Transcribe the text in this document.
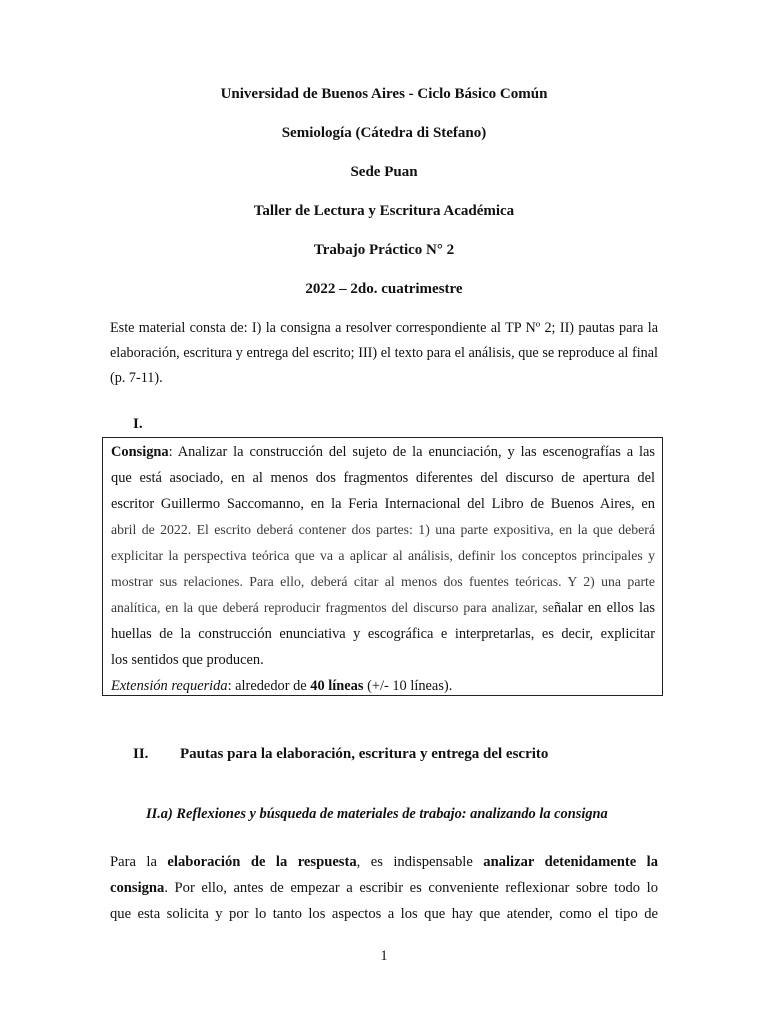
Universidad de Buenos Aires - Ciclo Básico Común
Semiología (Cátedra di Stefano)
Sede Puan
Taller de Lectura y Escritura Académica
Trabajo Práctico N° 2
2022 – 2do. cuatrimestre

Este material consta de: I) la consigna a resolver correspondiente al TP Nº 2; II) pautas para la elaboración, escritura y entrega del escrito; III) el texto para el análisis, que se reproduce al final (p. 7-11).

I.

Consigna: Analizar la construcción del sujeto de la enunciación, y las escenografías a las

que está asociado, en al menos dos fragmentos diferentes del discurso de apertura del

escritor Guillermo Saccomanno, en la Feria Internacional del Libro de Buenos Aires, en

abril de 2022. El escrito deberá contener dos partes: 1) una parte expositiva, en la que deberá

explicitar la perspectiva teórica que va a aplicar al análisis, definir los conceptos principales y

mostrar sus relaciones. Para ello, deberá citar al menos dos fuentes teóricas. Y 2) una parte

analítica, en la que deberá reproducir fragmentos del discurso para analizar, señalar en ellos las

huellas de la construcción enunciativa y escográfica e interpretarlas, es decir, explicitar

los sentidos que producen.

Extensión requerida: alrededor de 40 líneas (+/- 10 líneas).

II. Pautas para la elaboración, escritura y entrega del escrito
II.a) Reflexiones y búsqueda de materiales de trabajo: analizando la consigna

Para la elaboración de la respuesta, es indispensable analizar detenidamente la

consigna. Por ello, antes de empezar a escribir es conveniente reflexionar sobre todo lo

que esta solicita y por lo tanto los aspectos a los que hay que atender, como el tipo de

1
